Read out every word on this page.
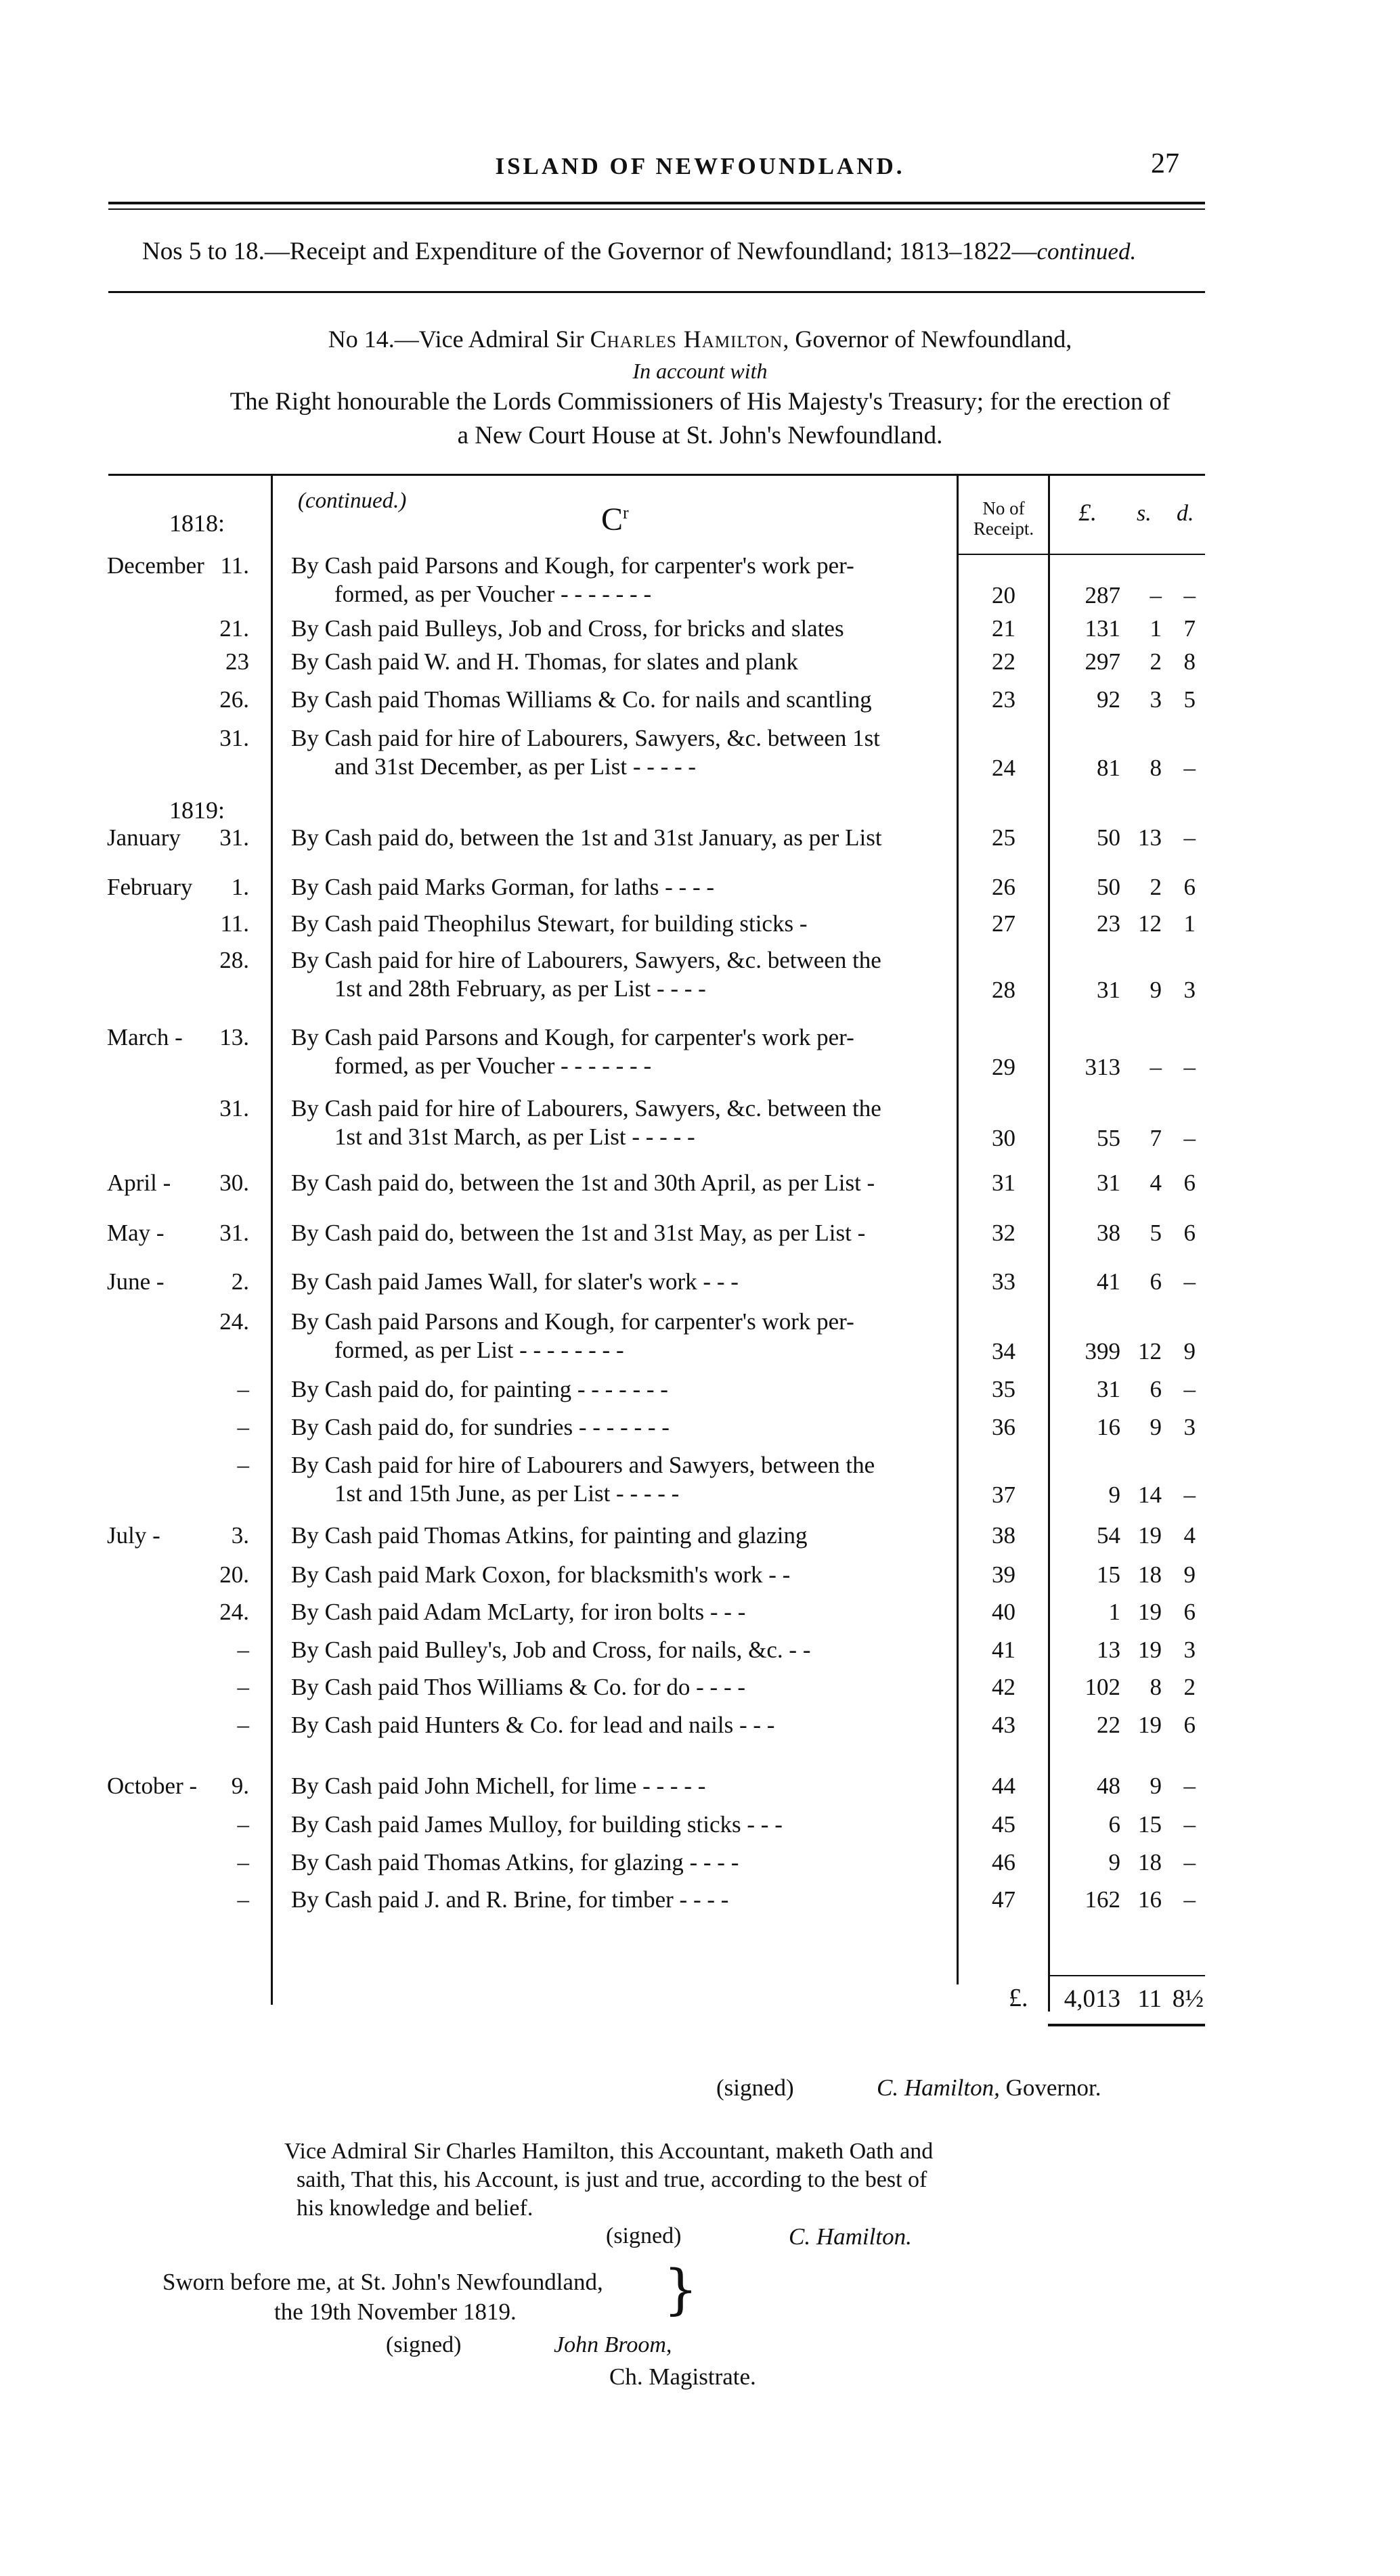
ISLAND OF NEWFOUNDLAND.	27
Nos 5 to 18.—Receipt and Expenditure of the Governor of Newfoundland; 1813–1822—continued.
No 14.—Vice Admiral Sir Charles Hamilton, Governor of Newfoundland,
In account with
The Right honourable the Lords Commissioners of His Majesty's Treasury; for the erection of
a New Court House at St. John's Newfoundland.
1818:
(continued.)
$C^r$	No of Receipt.
£. s. d.
1819:
December 11. By Cash paid Parsons and Kough, for carpenter's work per-
formed, as per Voucher - - - - - - -	20	287 – –
21. By Cash paid Bulleys, Job and Cross, for bricks and slates	21	131 1 7
23 By Cash paid W. and H. Thomas, for slates and plank	22	297 2 8
26. By Cash paid Thomas Williams & Co. for nails and scantling	23	92 3 5
31. By Cash paid for hire of Labourers, Sawyers, &c. between 1st
and 31st December, as per List - - - - -	24	81 8 –
January 31. By Cash paid do, between the 1st and 31st January, as per List	25	50 13 –
February 1. By Cash paid Marks Gorman, for laths - - - -	26	50 2 6
11. By Cash paid Theophilus Stewart, for building sticks -	27	23 12 1
28. By Cash paid for hire of Labourers, Sawyers, &c. between the
1st and 28th February, as per List - - - -	28	31 9 3
March - 13. By Cash paid Parsons and Kough, for carpenter's work per-
formed, as per Voucher - - - - - - -	29	313 – –
31. By Cash paid for hire of Labourers, Sawyers, &c. between the
1st and 31st March, as per List - - - - -	30	55 7 –
April - 30. By Cash paid do, between the 1st and 30th April, as per List -	31	31 4 6
May - 31. By Cash paid do, between the 1st and 31st May, as per List -	32	38 5 6
June -	2. By Cash paid James Wall, for slater's work - - -	33	41 6 –
24. By Cash paid Parsons and Kough, for carpenter's work per-
formed, as per List - - - - - - - -	34	399 12 9
– By Cash paid do, for painting - - - - - - -	35	31 6 –
– By Cash paid do, for sundries - - - - - - -	36	16 9 3
– By Cash paid for hire of Labourers and Sawyers, between the
1st and 15th June, as per List - - - - -	37	9 14 –
July -	3. By Cash paid Thomas Atkins, for painting and glazing	38	54 19 4
20. By Cash paid Mark Coxon, for blacksmith's work - -	39	15 18 9
24. By Cash paid Adam McLarty, for iron bolts - - -	40	1 19 6
– By Cash paid Bulley's, Job and Cross, for nails, &c. - -	41	13 19 3
– By Cash paid Thos Williams & Co. for do - - - -	42	102 8 2
– By Cash paid Hunters & Co. for lead and nails - - -	43	22 19 6
October - 9. By Cash paid John Michell, for lime - - - - -	44	48 9 –
– By Cash paid James Mulloy, for building sticks - - -	45	6 15 –
– By Cash paid Thomas Atkins, for glazing - - - -	46	9 18 –
– By Cash paid J. and R. Brine, for timber - - - -	47	162 16 –
£. 4,013 11 8½
(signed)	C. Hamilton, Governor.
Vice Admiral Sir Charles Hamilton, this Accountant, maketh Oath and
saith, That this, his Account, is just and true, according to the best of
his knowledge and belief.
(signed)	C. Hamilton.
Sworn before me, at St. John's Newfoundland,
the 19th November 1819.	}
(signed)	John Broom,
Ch. Magistrate.
